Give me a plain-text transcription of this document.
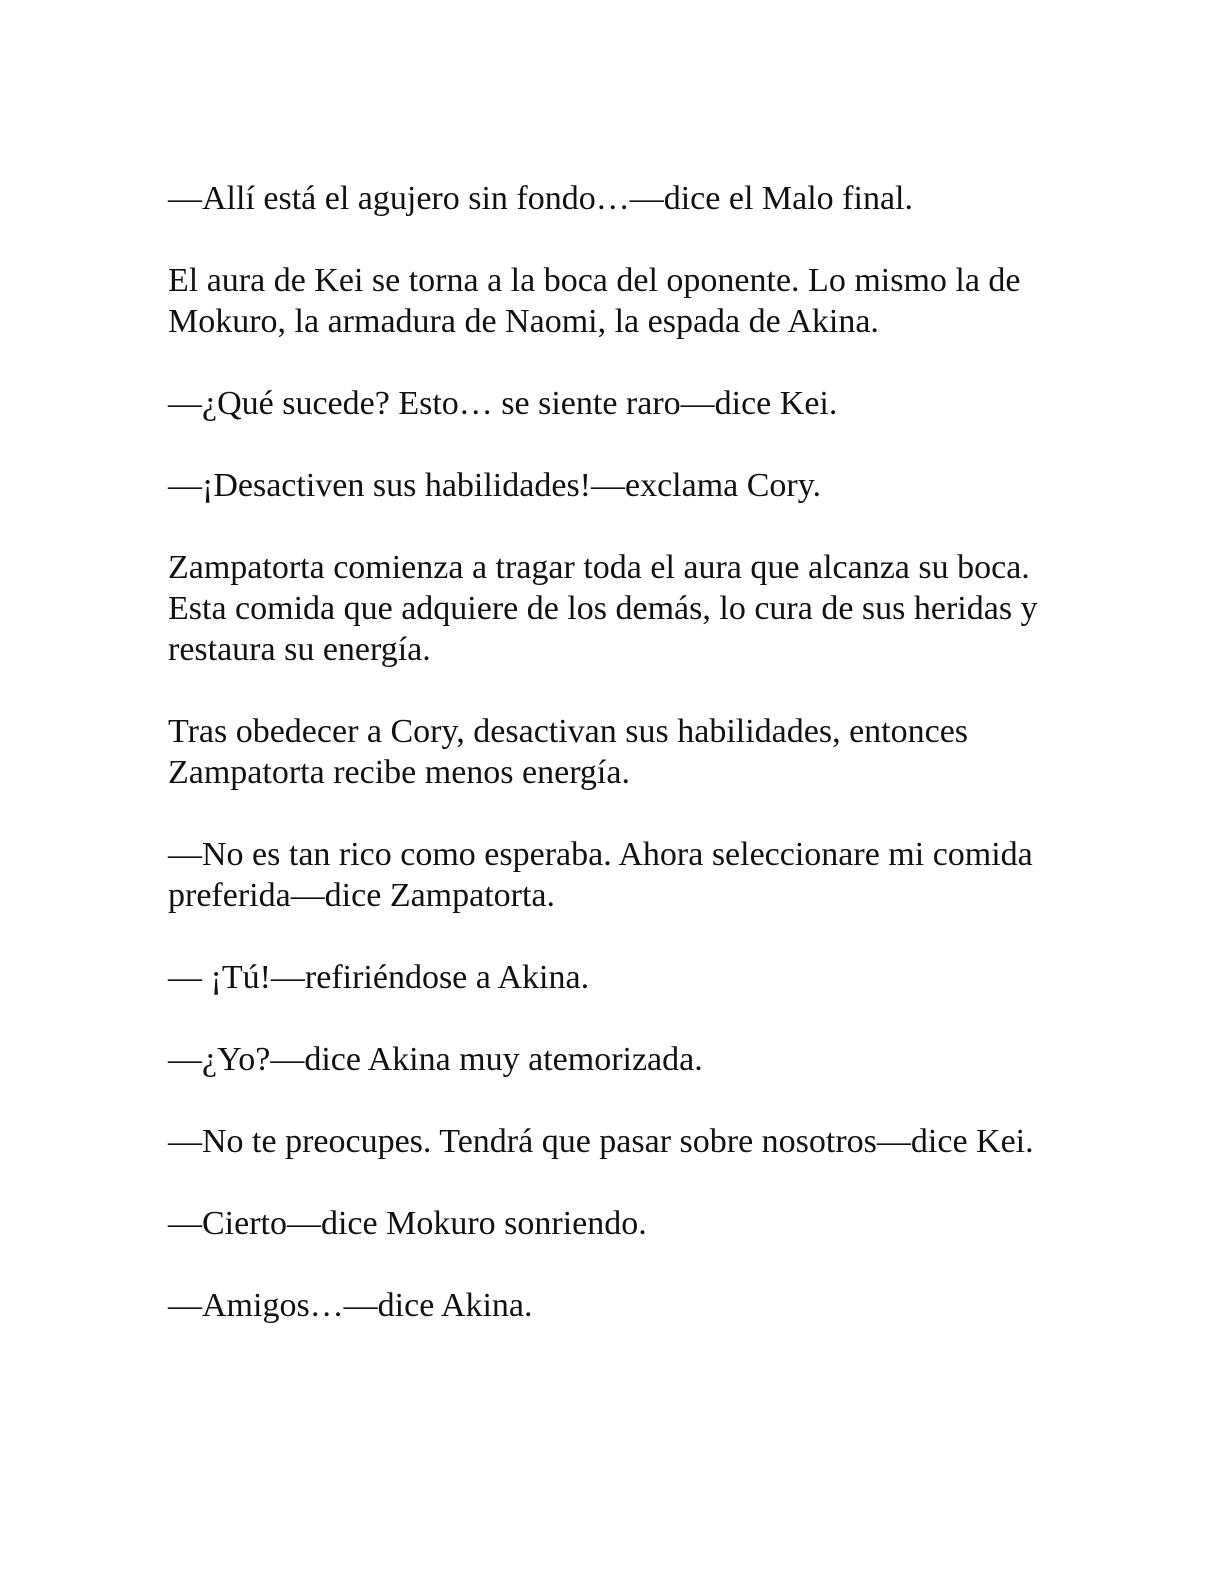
—Allí está el agujero sin fondo…—dice el Malo final.

El aura de Kei se torna a la boca del oponente. Lo mismo la de Mokuro, la armadura de Naomi, la espada de Akina.

—¿Qué sucede? Esto… se siente raro—dice Kei.

—¡Desactiven sus habilidades!—exclama Cory.

Zampatorta comienza a tragar toda el aura que alcanza su boca. Esta comida que adquiere de los demás, lo cura de sus heridas y restaura su energía.

Tras obedecer a Cory, desactivan sus habilidades, entonces Zampatorta recibe menos energía.

—No es tan rico como esperaba. Ahora seleccionare mi comida preferida—dice Zampatorta.

— ¡Tú!—refiriéndose a Akina.

—¿Yo?—dice Akina muy atemorizada.

—No te preocupes. Tendrá que pasar sobre nosotros—dice Kei.

—Cierto—dice Mokuro sonriendo.

—Amigos…—dice Akina.
